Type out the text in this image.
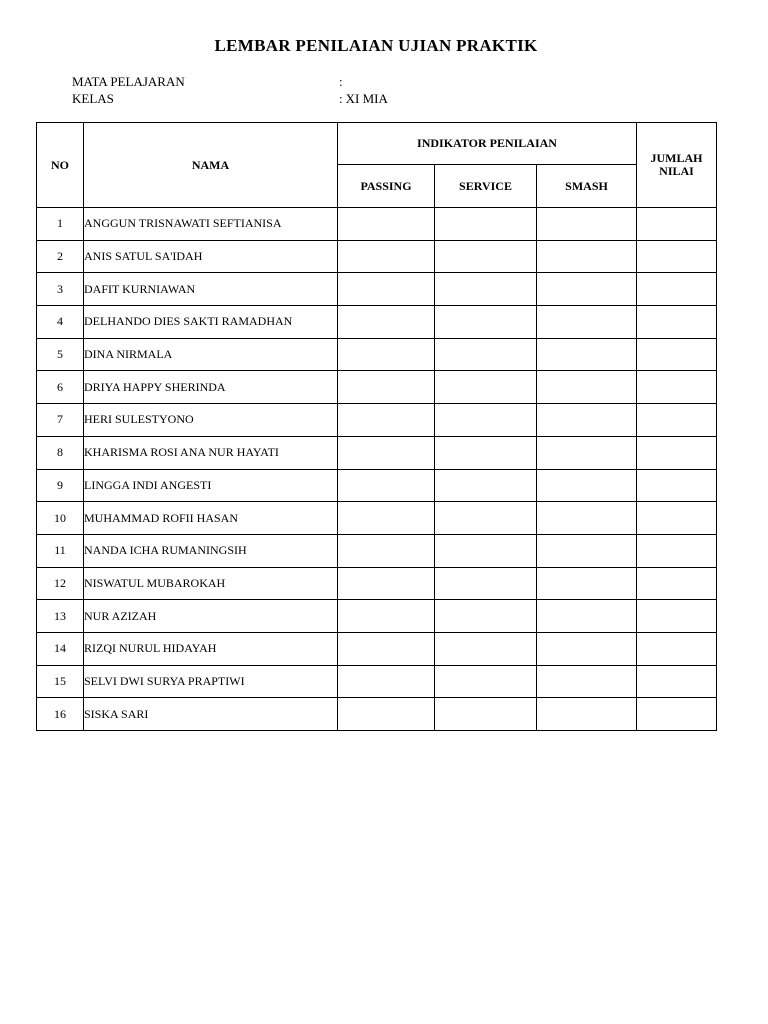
LEMBAR PENILAIAN UJIAN PRAKTIK
MATA PELAJARAN	:
KELAS	: XI MIA
NO	NAMA	INDIKATOR PENILAIAN			JUMLAH
NILAI
		PASSING	SERVICE	SMASH	
1	ANGGUN TRISNAWATI SEFTIANISA				
2	ANIS SATUL SA'IDAH				
3	DAFIT KURNIAWAN				
4	DELHANDO DIES SAKTI RAMADHAN				
5	DINA NIRMALA				
6	DRIYA HAPPY SHERINDA				
7	HERI SULESTYONO				
8	KHARISMA ROSI ANA NUR HAYATI				
9	LINGGA INDI ANGESTI				
10	MUHAMMAD ROFII HASAN				
11	NANDA ICHA RUMANINGSIH				
12	NISWATUL MUBAROKAH				
13	NUR AZIZAH				
14	RIZQI NURUL HIDAYAH				
15	SELVI DWI SURYA PRAPTIWI				
16	SISKA SARI				
